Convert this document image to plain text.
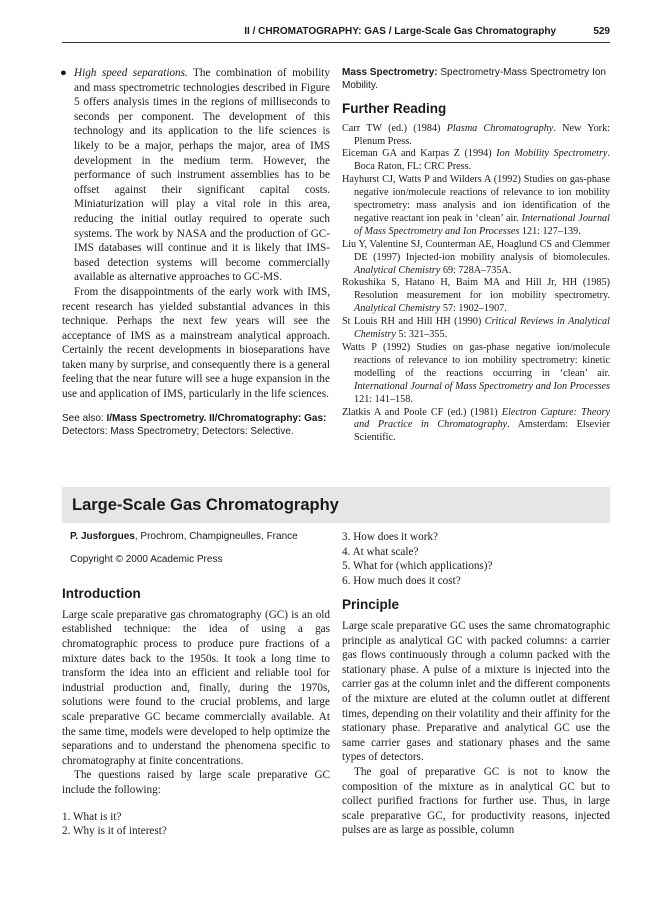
II / CHROMATOGRAPHY: GAS / Large-Scale Gas Chromatography	529
● High speed separations. The combination of mobility and mass spectrometric technologies described in Figure 5 offers analysis times in the regions of milliseconds to seconds per component. The development of this technology and its application to the life sciences is likely to be a major, perhaps the major, area of IMS development in the medium term. However, the performance of such instrument assemblies has to be offset against their significant capital costs. Miniaturization will play a vital role in this area, reducing the initial outlay required to operate such systems. The work by NASA and the production of GC-IMS databases will continue and it is likely that IMS-based detection systems will become commercially available as alternative approaches to GC-MS.

From the disappointments of the early work with IMS, recent research has yielded substantial advances in this technique. Perhaps the next few years will see the acceptance of IMS as a mainstream analytical approach. Certainly the recent developments in bioseparations have taken many by surprise, and consequently there is a general feeling that the near future will see a huge expansion in the use and application of IMS, particularly in the life sciences.

See also: I/Mass Spectrometry. II/Chromatography: Gas: Detectors: Mass Spectrometry; Detectors: Selective.
Mass Spectrometry: Spectrometry-Mass Spectrometry Ion Mobility.
Further Reading
Carr TW (ed.) (1984) Plasma Chromatography. New York: Plenum Press.
Eiceman GA and Karpas Z (1994) Ion Mobility Spectrometry. Boca Raton, FL: CRC Press.
Hayhurst CJ, Watts P and Wilders A (1992) Studies on gas-phase negative ion/molecule reactions of relevance to ion mobility spectrometry: mass analysis and ion identification of the negative reactant ion peak in ‘clean’ air. International Journal of Mass Spectrometry and Ion Processes 121: 127–139.
Liu Y, Valentine SJ, Counterman AE, Hoaglund CS and Clemmer DE (1997) Injected-ion mobility analysis of biomolecules. Analytical Chemistry 69: 728A–735A.
Rokushika S, Hatano H, Baim MA and Hill Jr, HH (1985) Resolution measurement for ion mobility spectrometry. Analytical Chemistry 57: 1902–1907.
St Louis RH and Hill HH (1990) Critical Reviews in Analytical Chemistry 5: 321–355.
Watts P (1992) Studies on gas-phase negative ion/molecule reactions of relevance to ion mobility spectrometry: kinetic modelling of the reactions occurring in ‘clean’ air. International Journal of Mass Spectrometry and Ion Processes 121: 141–158.
Zlatkis A and Poole CF (ed.) (1981) Electron Capture: Theory and Practice in Chromatography. Amsterdam: Elsevier Scientific.
Large-Scale Gas Chromatography
P. Jusforgues, Prochrom, Champigneulles, France
Copyright © 2000 Academic Press
Introduction

Large scale preparative gas chromatography (GC) is an old established technique: the idea of using a gas chromatographic process to produce pure fractions of a mixture dates back to the 1950s. It took a long time to transform the idea into an efficient and reliable tool for industrial production and, finally, during the 1970s, solutions were found to the crucial problems, and large scale preparative GC became commercially available. At the same time, models were developed to help optimize the separations and to understand the phenomena specific to chromatography at finite concentrations.

The questions raised by large scale preparative GC include the following:

1. What is it?
2. Why is it of interest?
3. How does it work?
4. At what scale?
5. What for (which applications)?
6. How much does it cost?
Principle

Large scale preparative GC uses the same chromatographic principle as analytical GC with packed columns: a carrier gas flows continuously through a column packed with the stationary phase. A pulse of a mixture is injected into the carrier gas at the column inlet and the different components of the mixture are eluted at the column outlet at different times, depending on their volatility and their affinity for the stationary phase. Preparative and analytical GC use the same carrier gases and stationary phases and the same types of detectors.

The goal of preparative GC is not to know the composition of the mixture as in analytical GC but to collect purified fractions for further use. Thus, in large scale preparative GC, for productivity reasons, injected pulses are as large as possible, column
